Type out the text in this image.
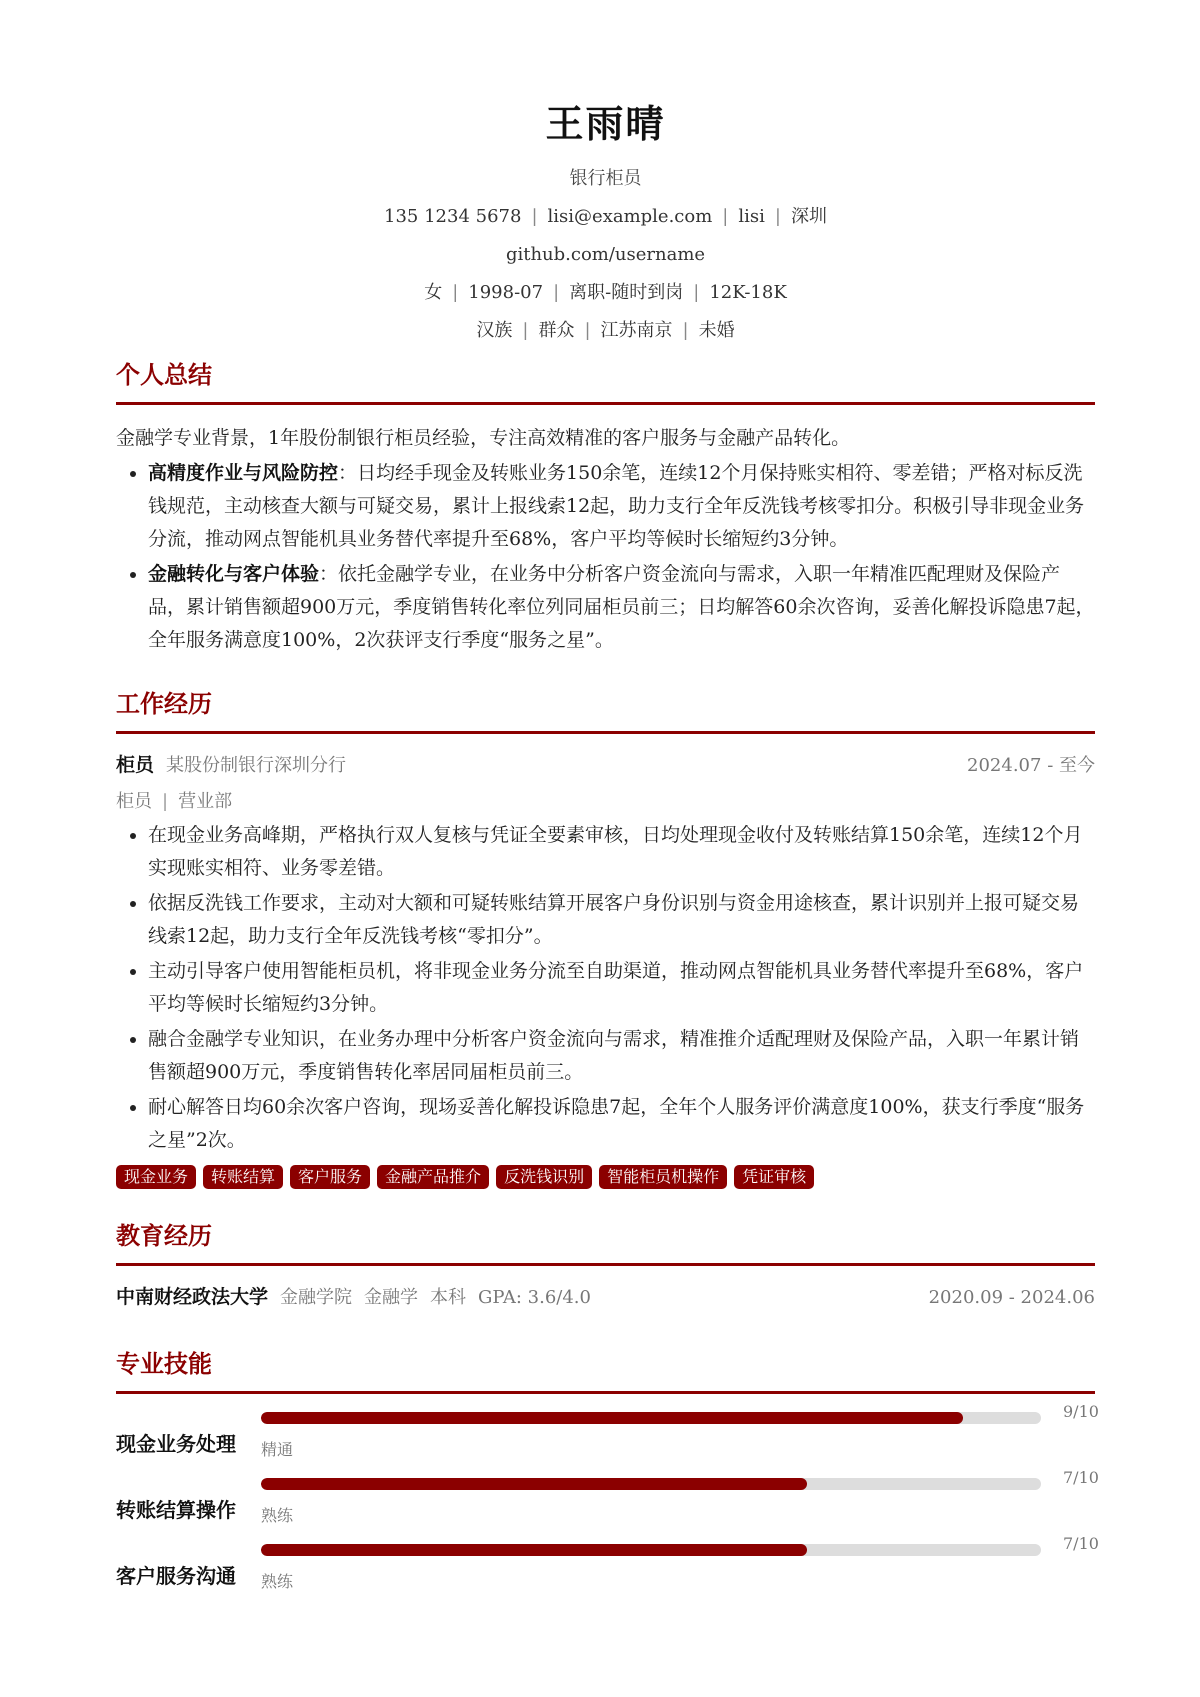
王雨晴
银行柜员
135 1234 5678 | lisi@example.com | lisi | 深圳
github.com/username
女 | 1998-07 | 离职-随时到岗 | 12K-18K
汉族 | 群众 | 江苏南京 | 未婚
个人总结
金融学专业背景，1年股份制银行柜员经验，专注高效精准的客户服务与金融产品转化。
• 高精度作业与风险防控：日均经手现金及转账业务150余笔，连续12个月保持账实相符、零差错；严格对标反洗钱规范，主动核查大额与可疑交易，累计上报线索12起，助力支行全年反洗钱考核零扣分。积极引导非现金业务分流，推动网点智能机具业务替代率提升至68%，客户平均等候时长缩短约3分钟。
• 金融转化与客户体验：依托金融学专业，在业务中分析客户资金流向与需求，入职一年精准匹配理财及保险产品，累计销售额超900万元，季度销售转化率位列同届柜员前三；日均解答60余次咨询，妥善化解投诉隐患7起，全年服务满意度100%，2次获评支行季度“服务之星”。
工作经历
柜员 某股份制银行深圳分行	2024.07 - 至今
柜员 | 营业部
• 在现金业务高峰期，严格执行双人复核与凭证全要素审核，日均处理现金收付及转账结算150余笔，连续12个月实现账实相符、业务零差错。
• 依据反洗钱工作要求，主动对大额和可疑转账结算开展客户身份识别与资金用途核查，累计识别并上报可疑交易线索12起，助力支行全年反洗钱考核“零扣分”。
• 主动引导客户使用智能柜员机，将非现金业务分流至自助渠道，推动网点智能机具业务替代率提升至68%，客户平均等候时长缩短约3分钟。
• 融合金融学专业知识，在业务办理中分析客户资金流向与需求，精准推介适配理财及保险产品，入职一年累计销售额超900万元，季度销售转化率居同届柜员前三。
• 耐心解答日均60余次客户咨询，现场妥善化解投诉隐患7起，全年个人服务评价满意度100%，获支行季度“服务之星”2次。
现金业务	转账结算	客户服务	金融产品推介	反洗钱识别	智能柜员机操作	凭证审核
教育经历
中南财经政法大学 金融学院 金融学 本科 GPA: 3.6/4.0	2020.09 - 2024.06
专业技能
现金业务处理
9/10
精通
转账结算操作
7/10
熟练
客户服务沟通
7/10
熟练
